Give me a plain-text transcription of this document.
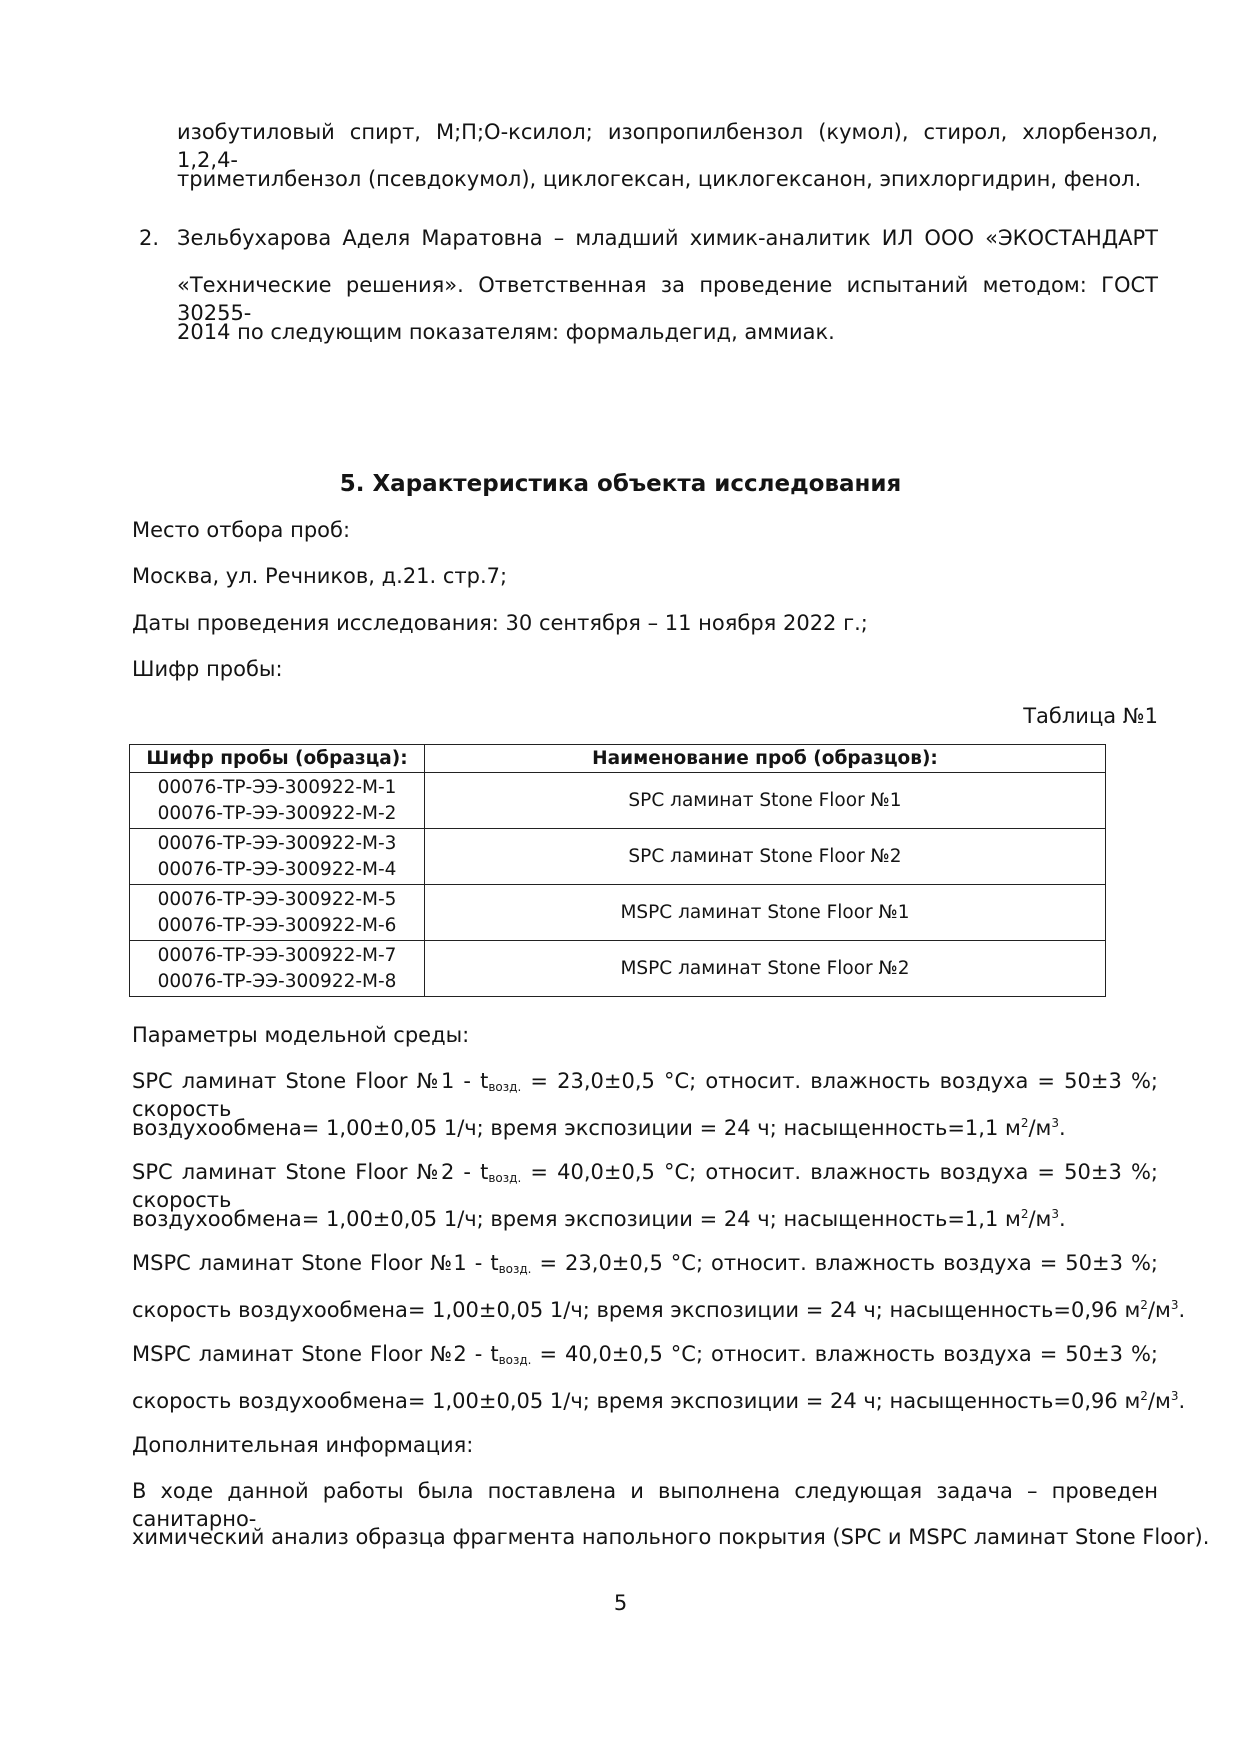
изобутиловый спирт, М;П;О-ксилол; изопропилбензол (кумол), стирол, хлорбензол, 1,2,4-
триметилбензол (псевдокумол), циклогексан, циклогексанон, эпихлоргидрин, фенол.
2. Зельбухарова Аделя Маратовна – младший химик-аналитик ИЛ ООО «ЭКОСТАНДАРТ
«Технические решения». Ответственная за проведение испытаний методом: ГОСТ 30255-
2014 по следующим показателям: формальдегид, аммиак.
5. Характеристика объекта исследования
Место отбора проб:
Москва, ул. Речников, д.21. стр.7;
Даты проведения исследования: 30 сентября – 11 ноября 2022 г.;
Шифр пробы:
Таблица №1
Шифр пробы (образца):	Наименование проб (образцов):

00076-ТР-ЭЭ-300922-М-1
00076-ТР-ЭЭ-300922-М-2	SPC ламинат Stone Floor №1

00076-ТР-ЭЭ-300922-М-3
00076-ТР-ЭЭ-300922-М-4	SPC ламинат Stone Floor №2

00076-ТР-ЭЭ-300922-М-5
00076-ТР-ЭЭ-300922-М-6	MSPC ламинат Stone Floor №1

00076-ТР-ЭЭ-300922-М-7
00076-ТР-ЭЭ-300922-М-8	MSPC ламинат Stone Floor №2
Параметры модельной среды:
SPC ламинат Stone Floor №1 - $t_{возд.} = 23,0\pm 0,5$ °С; относит. влажность воздуха = 50±3 %; скорость
воздухообмена= 1,00±0,05 1/ч; время экспозиции = 24 ч; насыщенность=1,1 $м^2/м^3$.
SPC ламинат Stone Floor №2 - $t_{возд.} = 40,0\pm 0,5$ °С; относит. влажность воздуха = 50±3 %; скорость
воздухообмена= 1,00±0,05 1/ч; время экспозиции = 24 ч; насыщенность=1,1 $м^2/м^3$.
MSPC ламинат Stone Floor №1 - $t_{возд.} = 23,0\pm 0,5$ °С; относит. влажность воздуха = 50±3 %;
скорость воздухообмена= 1,00±0,05 1/ч; время экспозиции = 24 ч; насыщенность=0,96 $м^2/м^3$.
MSPC ламинат Stone Floor №2 - $t_{возд.} = 40,0\pm 0,5$ °С; относит. влажность воздуха = 50±3 %;
скорость воздухообмена= 1,00±0,05 1/ч; время экспозиции = 24 ч; насыщенность=0,96 $м^2/м^3$.
Дополнительная информация:
В ходе данной работы была поставлена и выполнена следующая задача – проведен санитарно-
химический анализ образца фрагмента напольного покрытия (SPC и MSPC ламинат Stone Floor).
5
